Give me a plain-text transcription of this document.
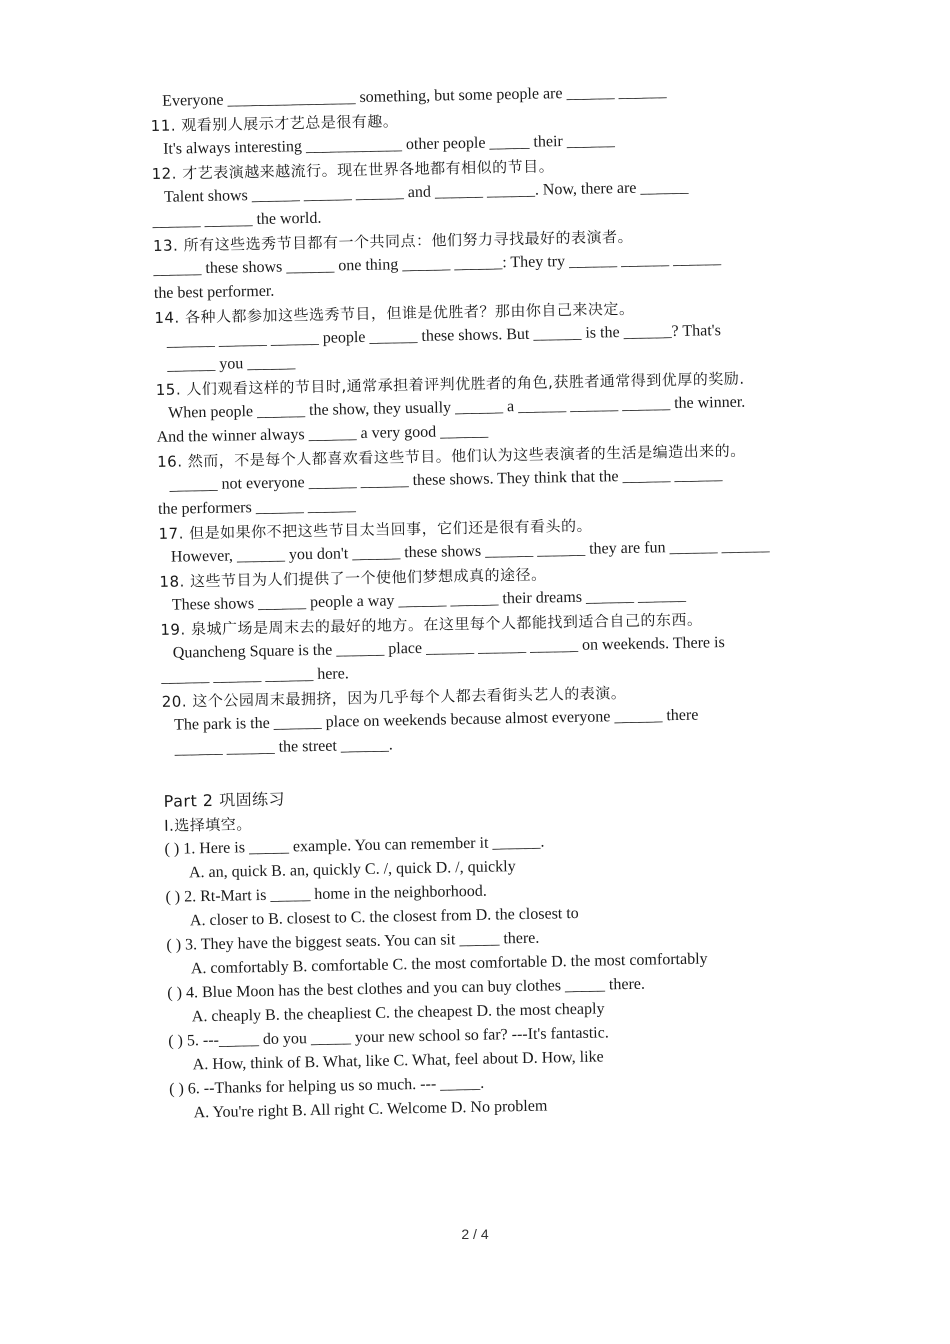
Everyone ________________ something, but some people are ______ ______
11. 观看别人展示才艺总是很有趣。
It's always interesting ____________ other people _____ their ______
12. 才艺表演越来越流行。现在世界各地都有相似的节目。
Talent shows ______ ______ ______ and ______ ______. Now, there are ______
______ ______ the world.
13. 所有这些选秀节目都有一个共同点：他们努力寻找最好的表演者。
______ these shows ______ one thing ______ ______: They try ______ ______ ______
the best performer.
14. 各种人都参加这些选秀节目，但谁是优胜者？那由你自己来决定。
______ ______ ______ people ______ these shows. But ______ is the ______? That's
______ you ______
15. 人们观看这样的节目时,通常承担着评判优胜者的角色,获胜者通常得到优厚的奖励.
When people ______ the show, they usually ______ a ______ ______ ______ the winner.
And the winner always ______ a very good ______
16. 然而，不是每个人都喜欢看这些节目。他们认为这些表演者的生活是编造出来的。
______ not everyone ______ ______ these shows. They think that the ______ ______
the performers ______ ______
17. 但是如果你不把这些节目太当回事，它们还是很有看头的。
However, ______ you don't ______ these shows ______ ______ they are fun ______ ______
18. 这些节目为人们提供了一个使他们梦想成真的途径。
These shows ______ people a way ______ ______ their dreams ______ ______
19. 泉城广场是周末去的最好的地方。在这里每个人都能找到适合自己的东西。
Quancheng Square is the ______ place ______ ______ ______ on weekends. There is
______ ______ ______ here.
20. 这个公园周末最拥挤，因为几乎每个人都去看街头艺人的表演。
The park is the ______ place on weekends because almost everyone ______ there
______ ______ the street ______.
Part 2 巩固练习
I.选择填空。
( ) 1. Here is _____ example. You can remember it ______.
A. an, quick B. an, quickly C. /, quick D. /, quickly
( ) 2. Rt-Mart is _____ home in the neighborhood.
A. closer to B. closest to C. the closest from D. the closest to
( ) 3. They have the biggest seats. You can sit _____ there.
A. comfortably B. comfortable C. the most comfortable D. the most comfortably
( ) 4. Blue Moon has the best clothes and you can buy clothes _____ there.
A. cheaply B. the cheapliest C. the cheapest D. the most cheaply
( ) 5. ---_____ do you _____ your new school so far? ---It's fantastic.
A. How, think of B. What, like C. What, feel about D. How, like
( ) 6. --Thanks for helping us so much. --- _____.
A. You're right B. All right C. Welcome D. No problem
2 / 4
